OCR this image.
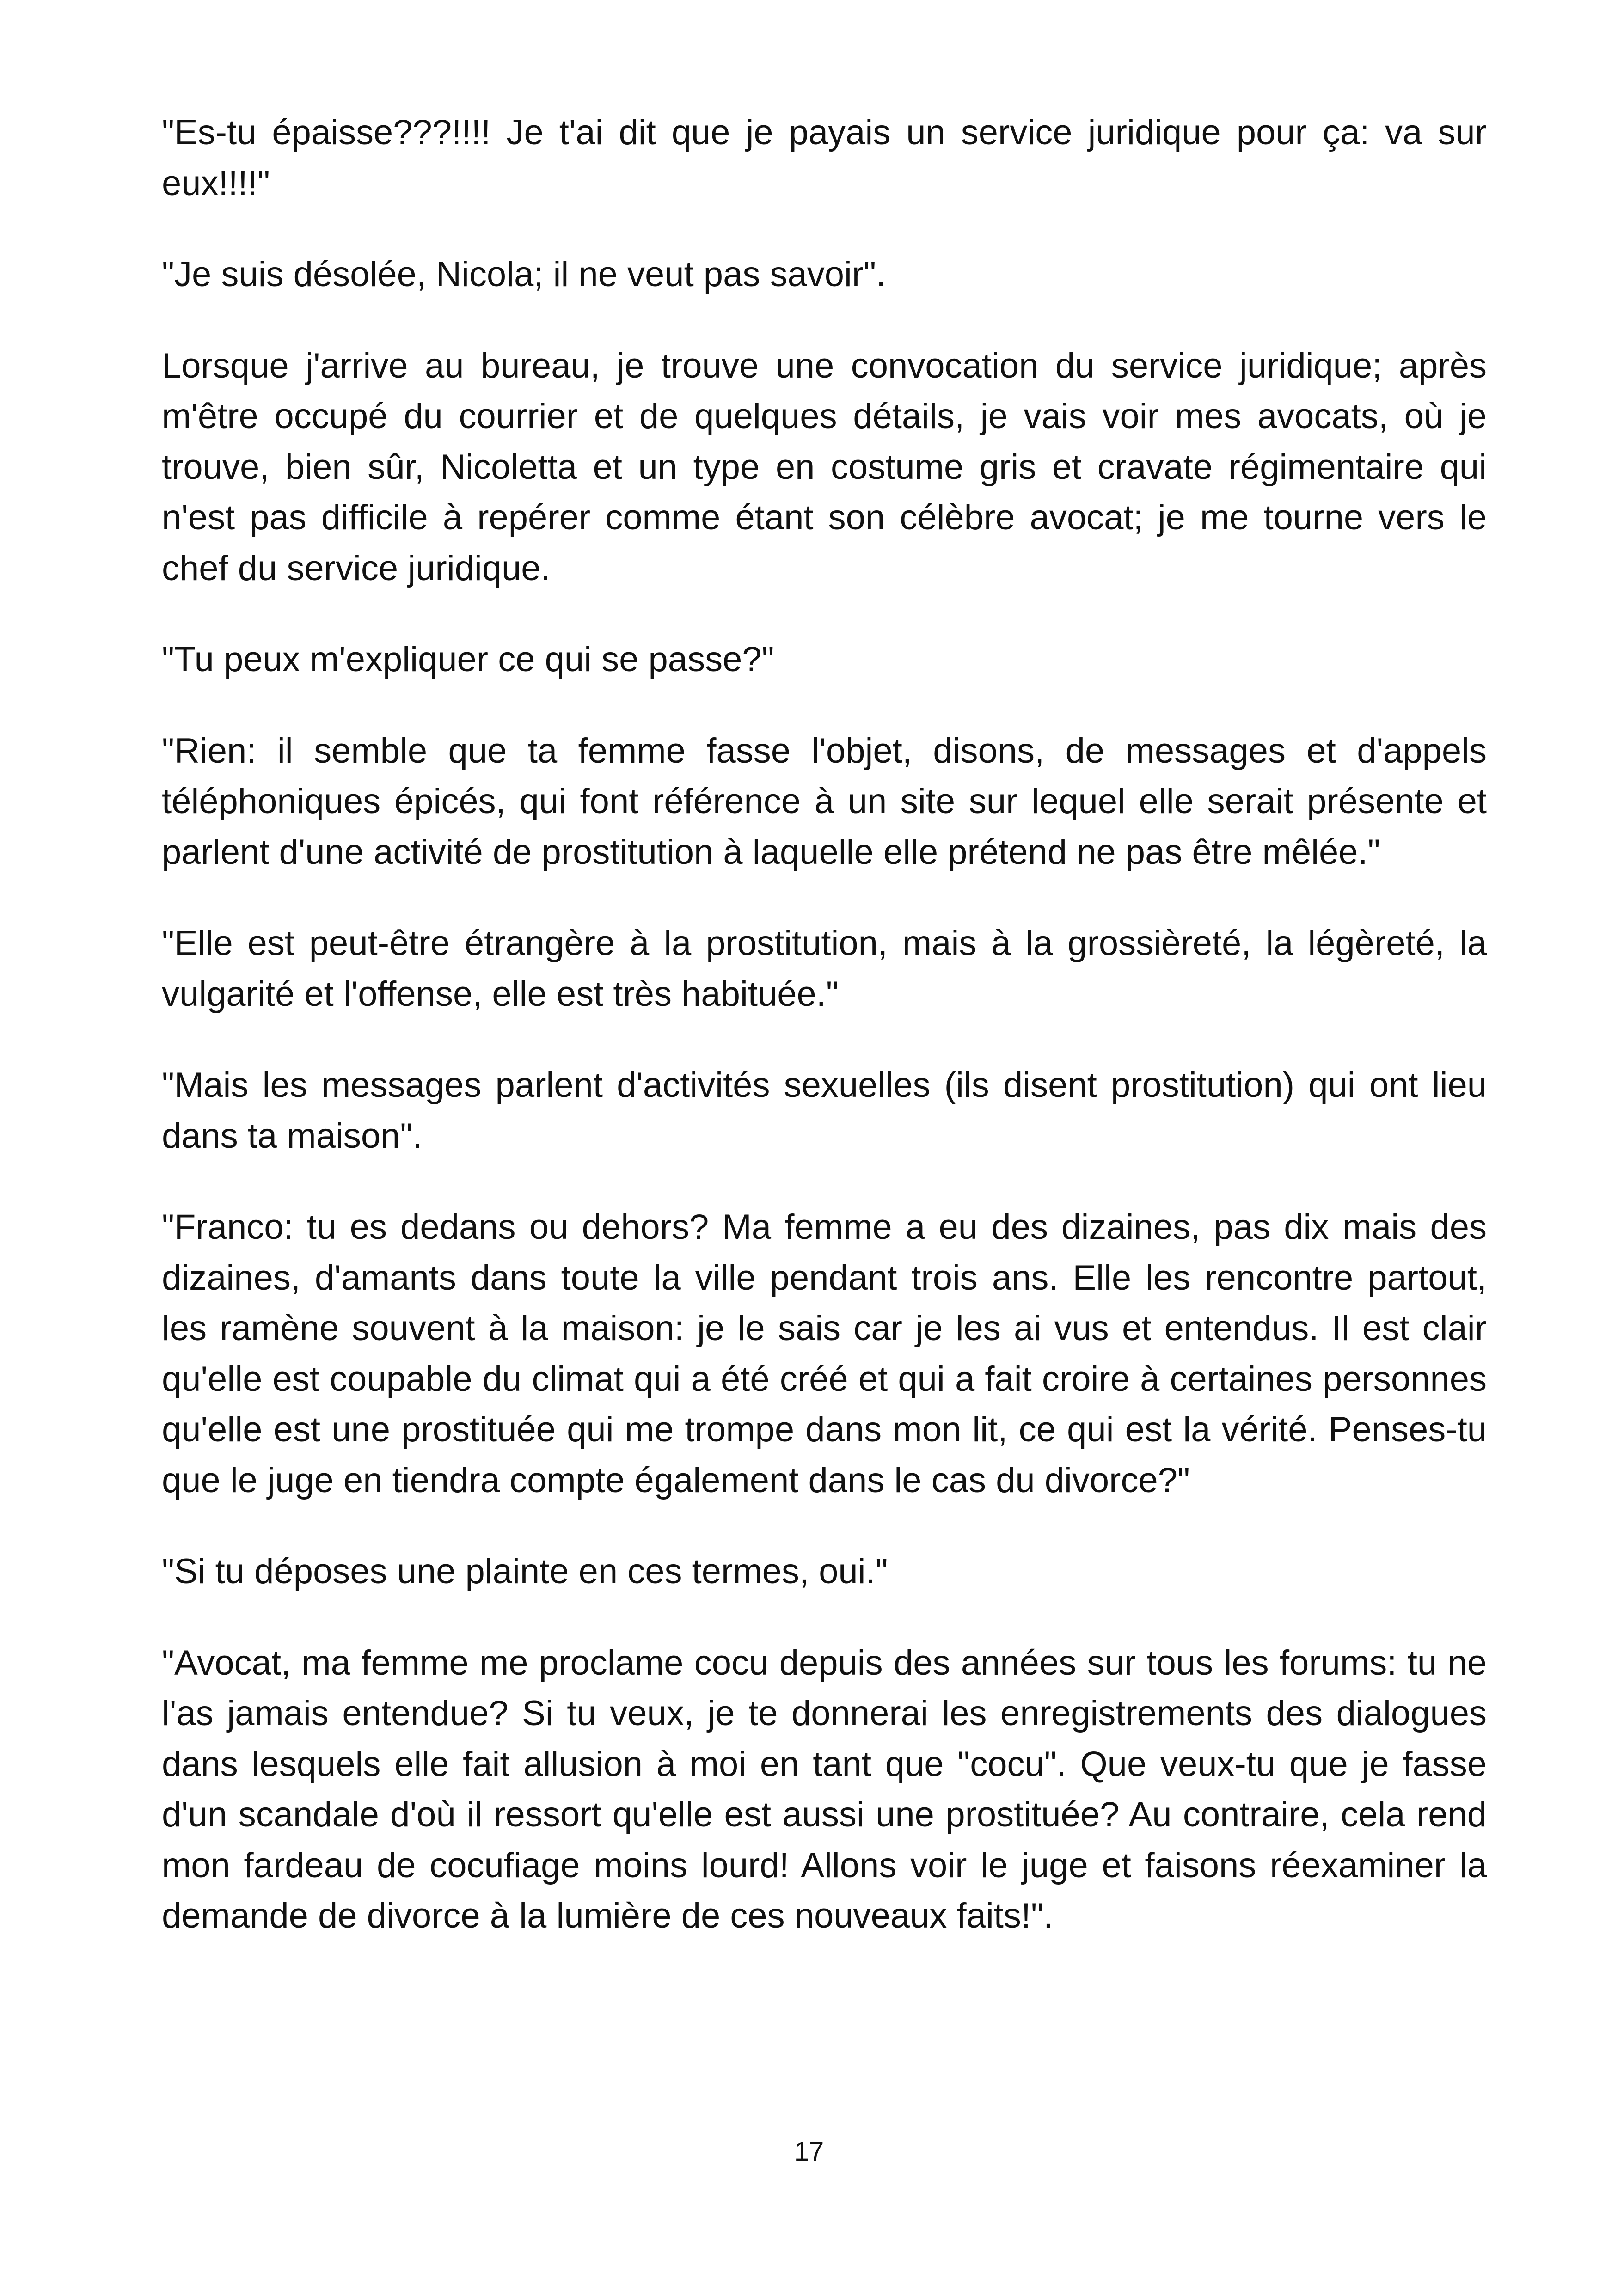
"Es-tu épaisse???!!!! Je t'ai dit que je payais un service juridique pour ça: va sur eux!!!!"

"Je suis désolée, Nicola; il ne veut pas savoir".

Lorsque j'arrive au bureau, je trouve une convocation du service juridique; après m'être occupé du courrier et de quelques détails, je vais voir mes avocats, où je trouve, bien sûr, Nicoletta et un type en costume gris et cravate régimentaire qui n'est pas difficile à repérer comme étant son célèbre avocat; je me tourne vers le chef du service juridique.

"Tu peux m'expliquer ce qui se passe?"

"Rien: il semble que ta femme fasse l'objet, disons, de messages et d'appels téléphoniques épicés, qui font référence à un site sur lequel elle serait présente et parlent d'une activité de prostitution à laquelle elle prétend ne pas être mêlée."

"Elle est peut-être étrangère à la prostitution, mais à la grossièreté, la légèreté, la vulgarité et l'offense, elle est très habituée."

"Mais les messages parlent d'activités sexuelles (ils disent prostitution) qui ont lieu dans ta maison".

"Franco: tu es dedans ou dehors? Ma femme a eu des dizaines, pas dix mais des dizaines, d'amants dans toute la ville pendant trois ans. Elle les rencontre partout, les ramène souvent à la maison: je le sais car je les ai vus et entendus. Il est clair qu'elle est coupable du climat qui a été créé et qui a fait croire à certaines personnes qu'elle est une prostituée qui me trompe dans mon lit, ce qui est la vérité. Penses-tu que le juge en tiendra compte également dans le cas du divorce?"

"Si tu déposes une plainte en ces termes, oui."

"Avocat, ma femme me proclame cocu depuis des années sur tous les forums: tu ne l'as jamais entendue? Si tu veux, je te donnerai les enregistrements des dialogues dans lesquels elle fait allusion à moi en tant que "cocu". Que veux-tu que je fasse d'un scandale d'où il ressort qu'elle est aussi une prostituée? Au contraire, cela rend mon fardeau de cocufiage moins lourd! Allons voir le juge et faisons réexaminer la demande de divorce à la lumière de ces nouveaux faits!".

17
